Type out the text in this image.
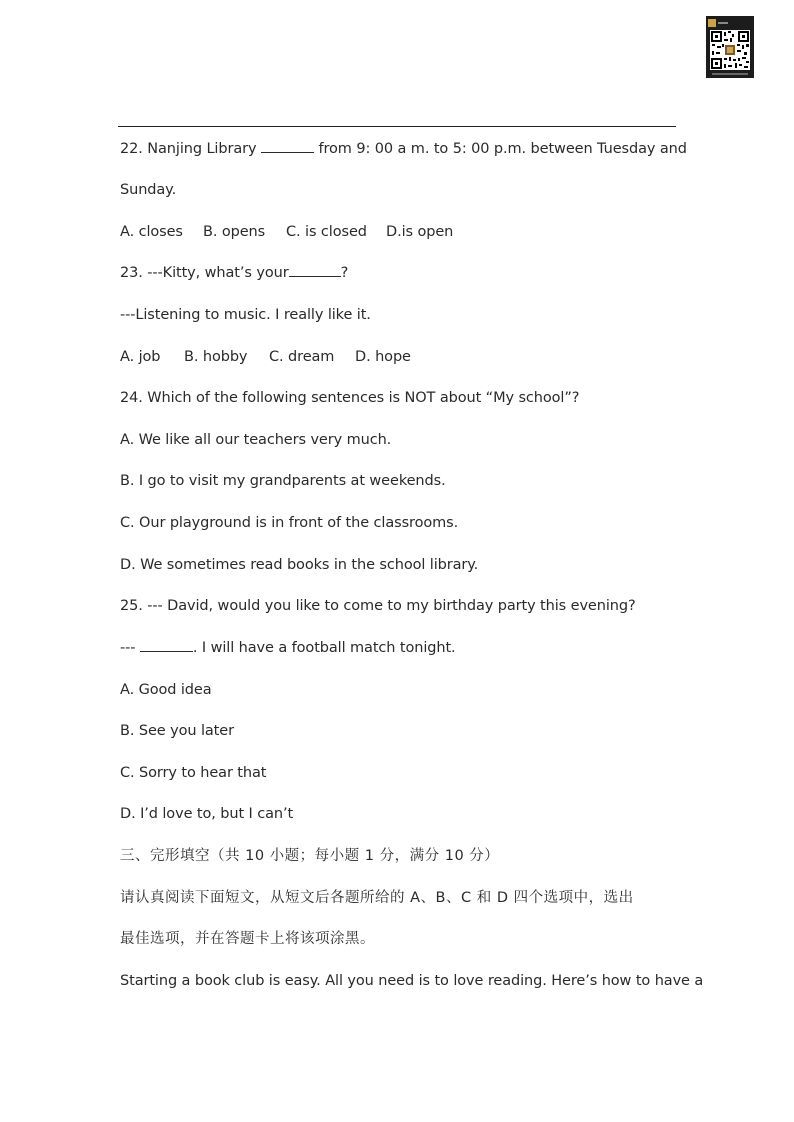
22. Nanjing Library	from 9: 00 a m. to 5: 00 p.m. between Tuesday and
Sunday.
A. closes B. opens C. is closed D.is open
23. ---Kitty, what’s your	?
---Listening to music. I really like it.
A. job B. hobby C. dream D. hope
24. Which of the following sentences is NOT about “My school”?
A. We like all our teachers very much.
B. I go to visit my grandparents at weekends.
C. Our playground is in front of the classrooms.
D. We sometimes read books in the school library.
25. --- David, would you like to come to my birthday party this evening?
---	. I will have a football match tonight.
A. Good idea
B. See you later
C. Sorry to hear that
D. I’d love to, but I can’t
三、完形填空（共 10 小题；每小题 1 分，满分 10 分）
请认真阅读下面短文，从短文后各题所给的 A、B、C 和 D 四个选项中，选出
最佳选项，并在答题卡上将该项涂黑。
Starting a book club is easy. All you need is to love reading. Here’s how to have a
